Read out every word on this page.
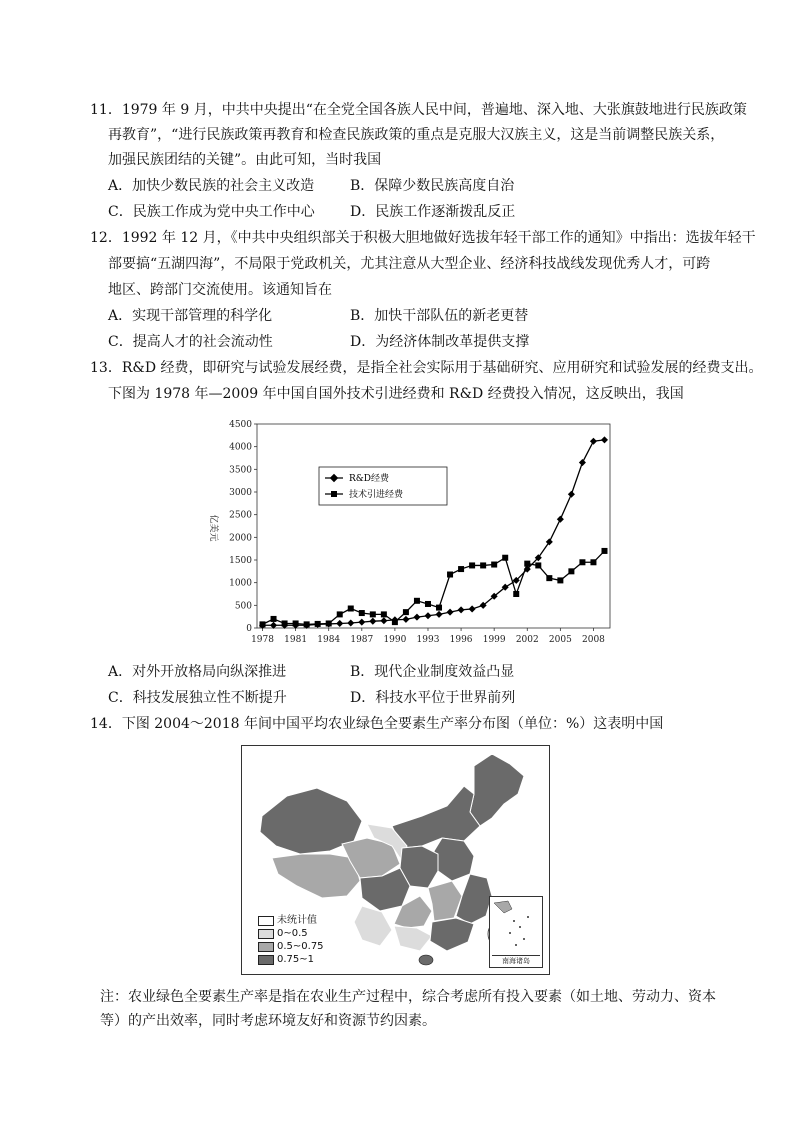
11．1979 年 9 月，中共中央提出“在全党全国各族人民中间，普遍地、深入地、大张旗鼓地进行民族政策
再教育”，“进行民族政策再教育和检查民族政策的重点是克服大汉族主义，这是当前调整民族关系，
加强民族团结的关键”。由此可知，当时我国
A．加快少数民族的社会主义改造	B．保障少数民族高度自治
C．民族工作成为党中央工作中心	D．民族工作逐渐拨乱反正
12．1992 年 12 月，《中共中央组织部关于积极大胆地做好选拔年轻干部工作的通知》中指出：选拔年轻干
部要搞“五湖四海”，不局限于党政机关，尤其注意从大型企业、经济科技战线发现优秀人才，可跨
地区、跨部门交流使用。该通知旨在
A．实现干部管理的科学化	B．加快干部队伍的新老更替
C．提高人才的社会流动性	D．为经济体制改革提供支撑
13．R&D 经费，即研究与试验发展经费，是指全社会实际用于基础研究、应用研究和试验发展的经费支出。
下图为 1978 年—2009 年中国自国外技术引进经费和 R&D 经费投入情况，这反映出，我国
0
500
1000
1500
2000
2500
3000
3500
4000
4500
1978 1981 1984 1987 1990 1993 1996 1999 2002 2005 2008
亿美元
R&D经费
技术引进经费
A．对外开放格局向纵深推进	B．现代企业制度效益凸显
C．科技发展独立性不断提升	D．科技水平位于世界前列
14．下图 2004～2018 年间中国平均农业绿色全要素生产率分布图（单位：%）这表明中国
未统计值
0~0.5
0.5~0.75
0.75~1	南海诸岛
注：农业绿色全要素生产率是指在农业生产过程中，综合考虑所有投入要素（如土地、劳动力、资本
等）的产出效率，同时考虑环境友好和资源节约因素。
